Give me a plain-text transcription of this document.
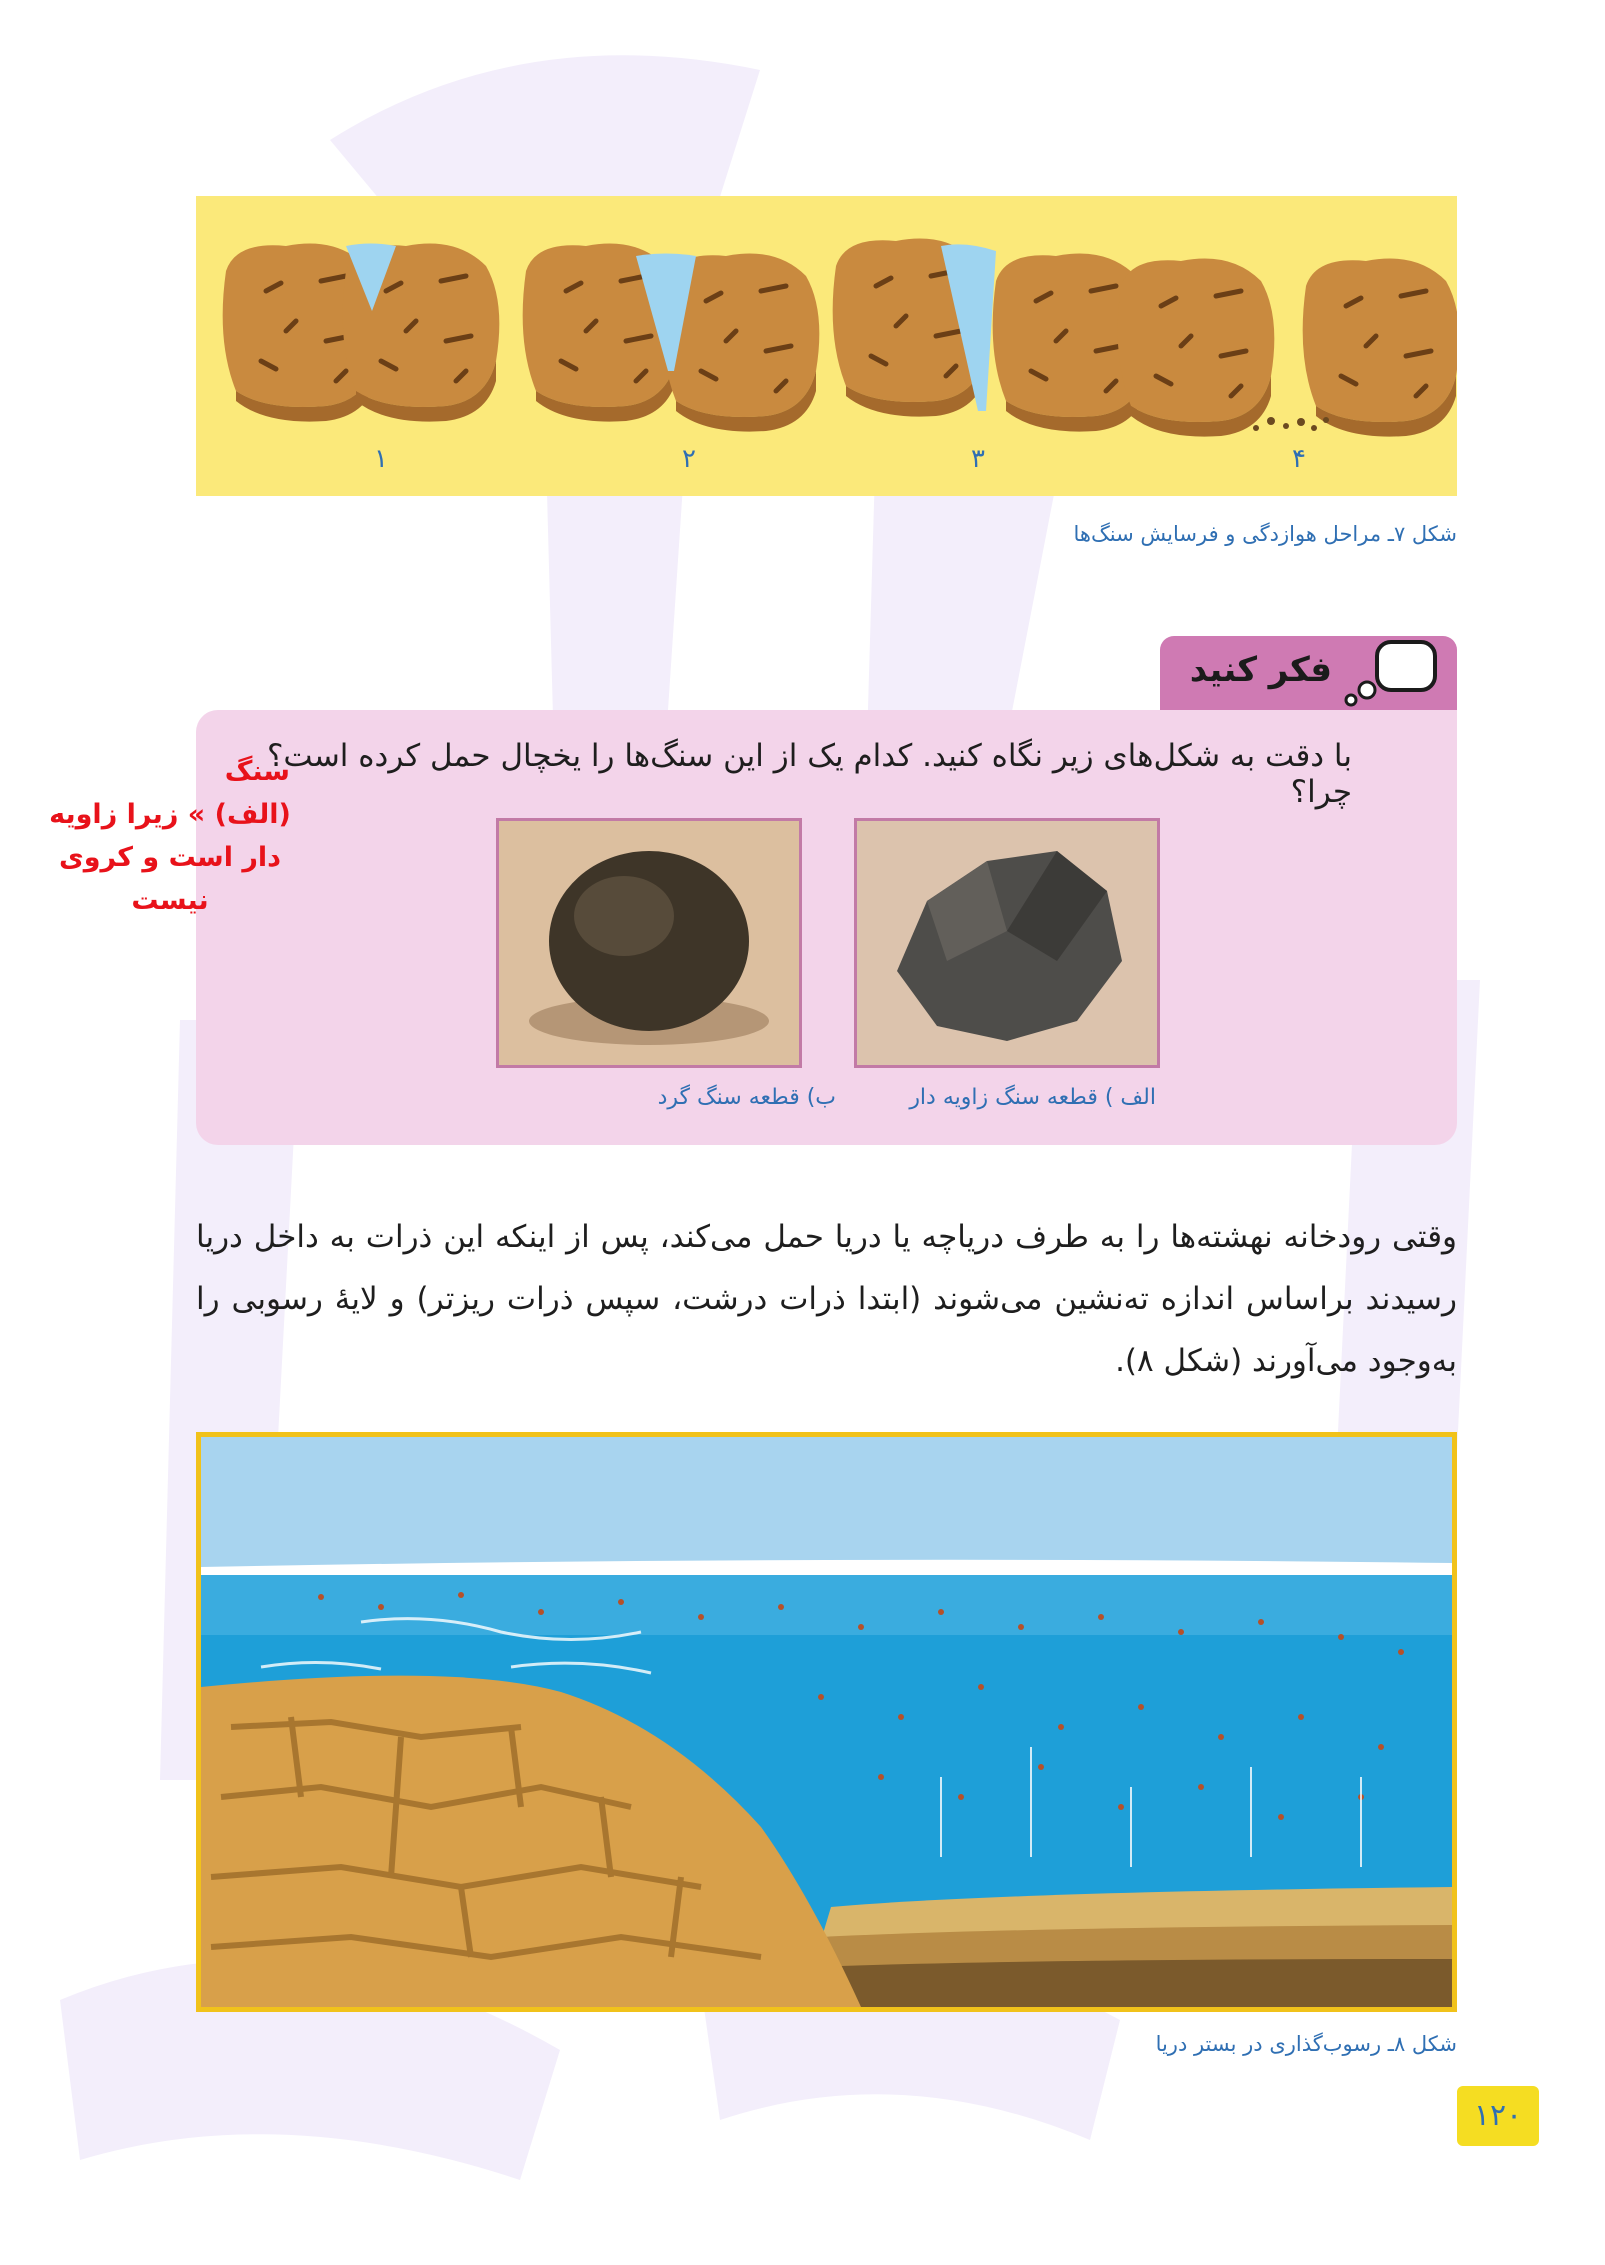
۱	۲	۳	۴
شکل ۷ـ مراحل هوازدگی و فرسایش سنگ‌ها
فکر کنید
با دقت به شکل‌های زیر نگاه کنید. کدام یک از این سنگ‌ها را یخچال حمل کرده است؟ چرا؟
الف ) قطعه سنگ زاویه دار
ب) قطعه سنگ گرد
سنگ
(الف) » زیرا زاویه
دار است و کروی نیست
وقتی رودخانه نهشته‌ها را به طرف دریاچه یا دریا حمل می‌کند، پس از اینکه این ذرات به داخل دریا رسیدند براساس اندازه ته‌نشین می‌شوند (ابتدا ذرات درشت، سپس ذرات ریزتر) و لایهٔ رسوبی را به‌وجود می‌آورند (شکل ۸).
شکل ۸ـ رسوب‌گذاری در بستر دریا
۱۲۰
